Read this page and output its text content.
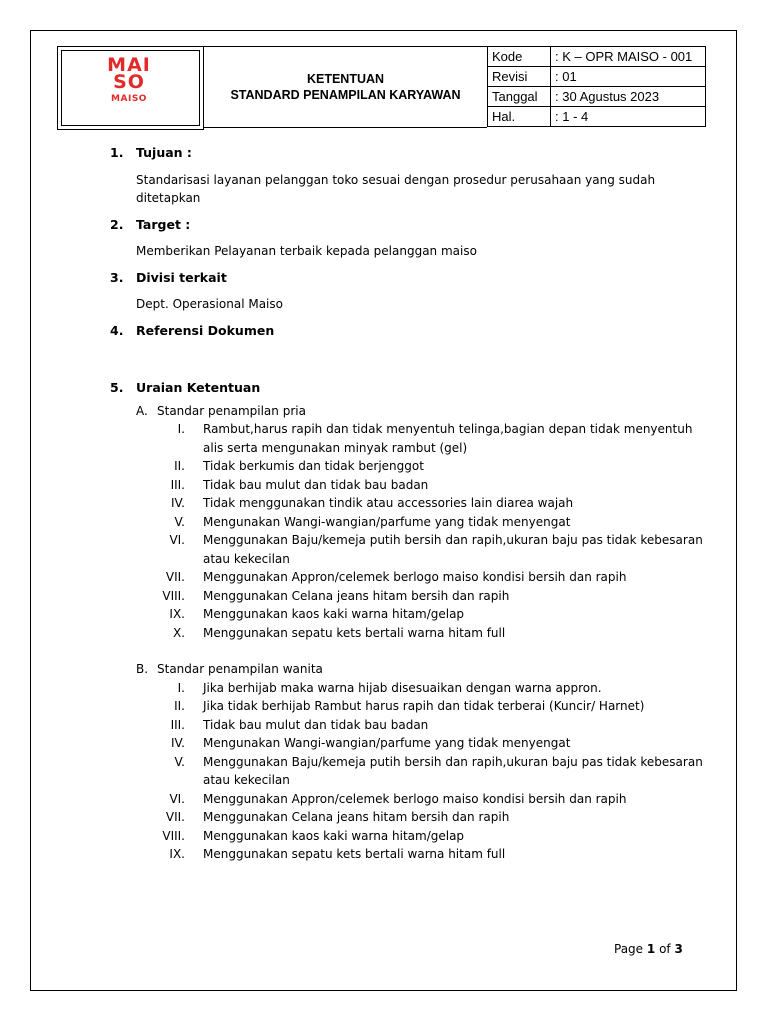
MAI
SO
MAISO
KETENTUAN
STANDARD PENAMPILAN KARYAWAN
Kode	: K – OPR MAISO - 001
Revisi	: 01
Tanggal	: 30 Agustus 2023
Hal.	: 1 - 4
1. Tujuan :
Standarisasi layanan pelanggan toko sesuai dengan prosedur perusahaan yang sudah ditetapkan
2. Target :
Memberikan Pelayanan terbaik kepada pelanggan maiso
3. Divisi terkait
Dept. Operasional Maiso
4. Referensi Dokumen
5. Uraian Ketentuan
A. Standar penampilan pria
I.	Rambut,harus rapih dan tidak menyentuh telinga,bagian depan tidak menyentuh alis serta mengunakan minyak rambut (gel)
II.	Tidak berkumis dan tidak berjenggot
III.	Tidak bau mulut dan tidak bau badan
IV.	Tidak menggunakan tindik atau accessories lain diarea wajah
V.	Mengunakan Wangi-wangian/parfume yang tidak menyengat
VI.	Menggunakan Baju/kemeja putih bersih dan rapih,ukuran baju pas tidak kebesaran atau kekecilan
VII.	Menggunakan Appron/celemek berlogo maiso kondisi bersih dan rapih
VIII.	Menggunakan Celana jeans hitam bersih dan rapih
IX.	Menggunakan kaos kaki warna hitam/gelap
X.	Menggunakan sepatu kets bertali warna hitam full
B. Standar penampilan wanita
I.	Jika berhijab maka warna hijab disesuaikan dengan warna appron.
II.	Jika tidak berhijab Rambut harus rapih dan tidak terberai (Kuncir/ Harnet)
III.	Tidak bau mulut dan tidak bau badan
IV.	Mengunakan Wangi-wangian/parfume yang tidak menyengat
V.	Menggunakan Baju/kemeja putih bersih dan rapih,ukuran baju pas tidak kebesaran atau kekecilan
VI.	Menggunakan Appron/celemek berlogo maiso kondisi bersih dan rapih
VII.	Menggunakan Celana jeans hitam bersih dan rapih
VIII.	Menggunakan kaos kaki warna hitam/gelap
IX.	Menggunakan sepatu kets bertali warna hitam full
Page 1 of 3
